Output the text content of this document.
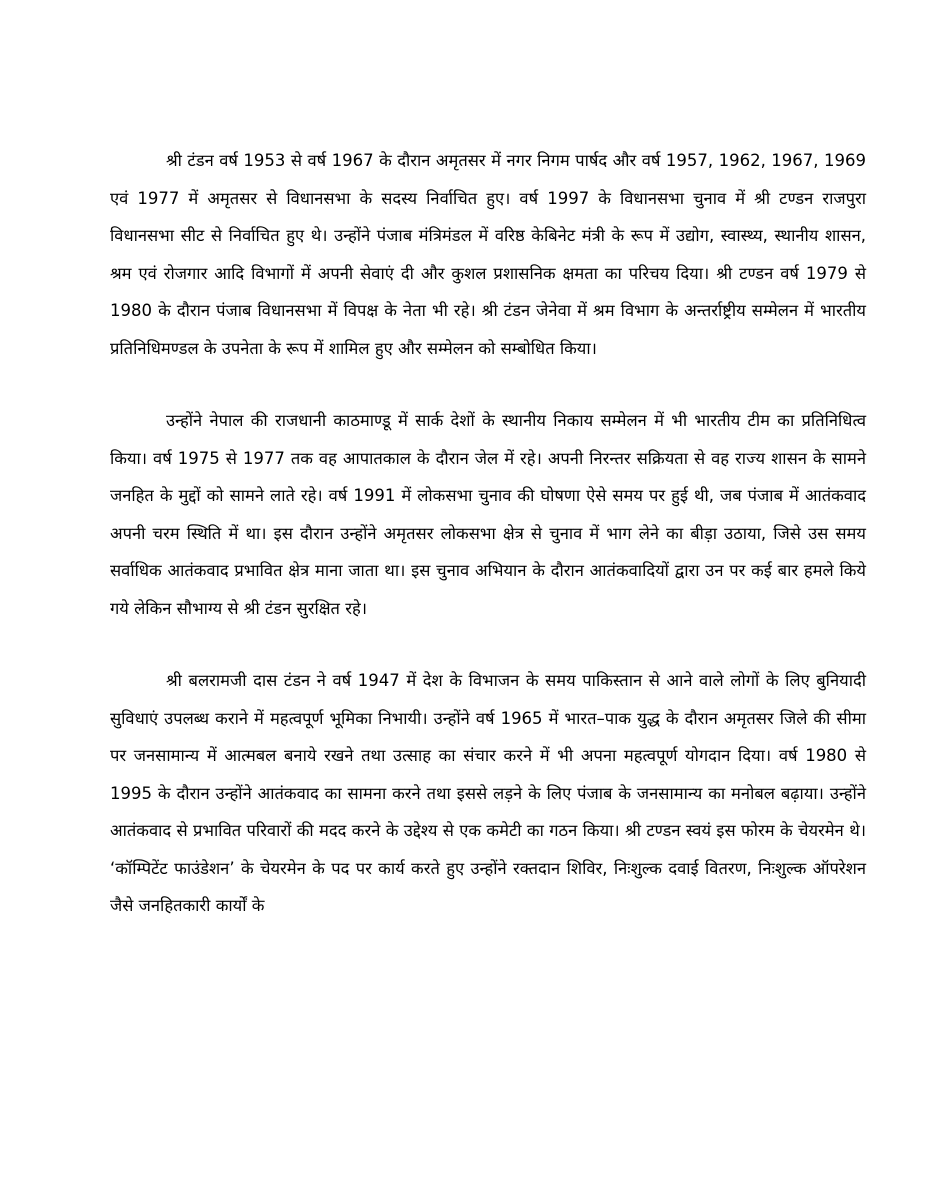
श्री टंडन वर्ष 1953 से वर्ष 1967 के दौरान अमृतसर में नगर निगम पार्षद और वर्ष 1957, 1962, 1967, 1969 एवं 1977 में अमृतसर से विधानसभा के सदस्य निर्वाचित हुए। वर्ष 1997 के विधानसभा चुनाव में श्री टण्डन राजपुरा विधानसभा सीट से निर्वाचित हुए थे। उन्होंने पंजाब मंत्रिमंडल में वरिष्ठ केबिनेट मंत्री के रूप में उद्योग, स्वास्थ्य, स्थानीय शासन, श्रम एवं रोजगार आदि विभागों में अपनी सेवाएं दी और कुशल प्रशासनिक क्षमता का परिचय दिया। श्री टण्डन वर्ष 1979 से 1980 के दौरान पंजाब विधानसभा में विपक्ष के नेता भी रहे। श्री टंडन जेनेवा में श्रम विभाग के अन्तर्राष्ट्रीय सम्मेलन में भारतीय प्रतिनिधिमण्डल के उपनेता के रूप में शामिल हुए और सम्मेलन को सम्बोधित किया।

उन्होंने नेपाल की राजधानी काठमाण्डू में सार्क देशों के स्थानीय निकाय सम्मेलन में भी भारतीय टीम का प्रतिनिधित्व किया। वर्ष 1975 से 1977 तक वह आपातकाल के दौरान जेल में रहे। अपनी निरन्तर सक्रियता से वह राज्य शासन के सामने जनहित के मुद्दों को सामने लाते रहे। वर्ष 1991 में लोकसभा चुनाव की घोषणा ऐसे समय पर हुई थी, जब पंजाब में आतंकवाद अपनी चरम स्थिति में था। इस दौरान उन्होंने अमृतसर लोकसभा क्षेत्र से चुनाव में भाग लेने का बीड़ा उठाया, जिसे उस समय सर्वाधिक आतंकवाद प्रभावित क्षेत्र माना जाता था। इस चुनाव अभियान के दौरान आतंकवादियों द्वारा उन पर कई बार हमले किये गये लेकिन सौभाग्य से श्री टंडन सुरक्षित रहे।

श्री बलरामजी दास टंडन ने वर्ष 1947 में देश के विभाजन के समय पाकिस्तान से आने वाले लोगों के लिए बुनियादी सुविधाएं उपलब्ध कराने में महत्वपूर्ण भूमिका निभायी। उन्होंने वर्ष 1965 में भारत–पाक युद्ध के दौरान अमृतसर जिले की सीमा पर जनसामान्य में आत्मबल बनाये रखने तथा उत्साह का संचार करने में भी अपना महत्वपूर्ण योगदान दिया। वर्ष 1980 से 1995 के दौरान उन्होंने आतंकवाद का सामना करने तथा इससे लड़ने के लिए पंजाब के जनसामान्य का मनोबल बढ़ाया। उन्होंने आतंकवाद से प्रभावित परिवारों की मदद करने के उद्देश्य से एक कमेटी का गठन किया। श्री टण्डन स्वयं इस फोरम के चेयरमेन थे। ‘कॉम्पिटेंट फाउंडेशन’ के चेयरमेन के पद पर कार्य करते हुए उन्होंने रक्तदान शिविर, निःशुल्क दवाई वितरण, निःशुल्क ऑपरेशन जैसे जनहितकारी कार्यों के
